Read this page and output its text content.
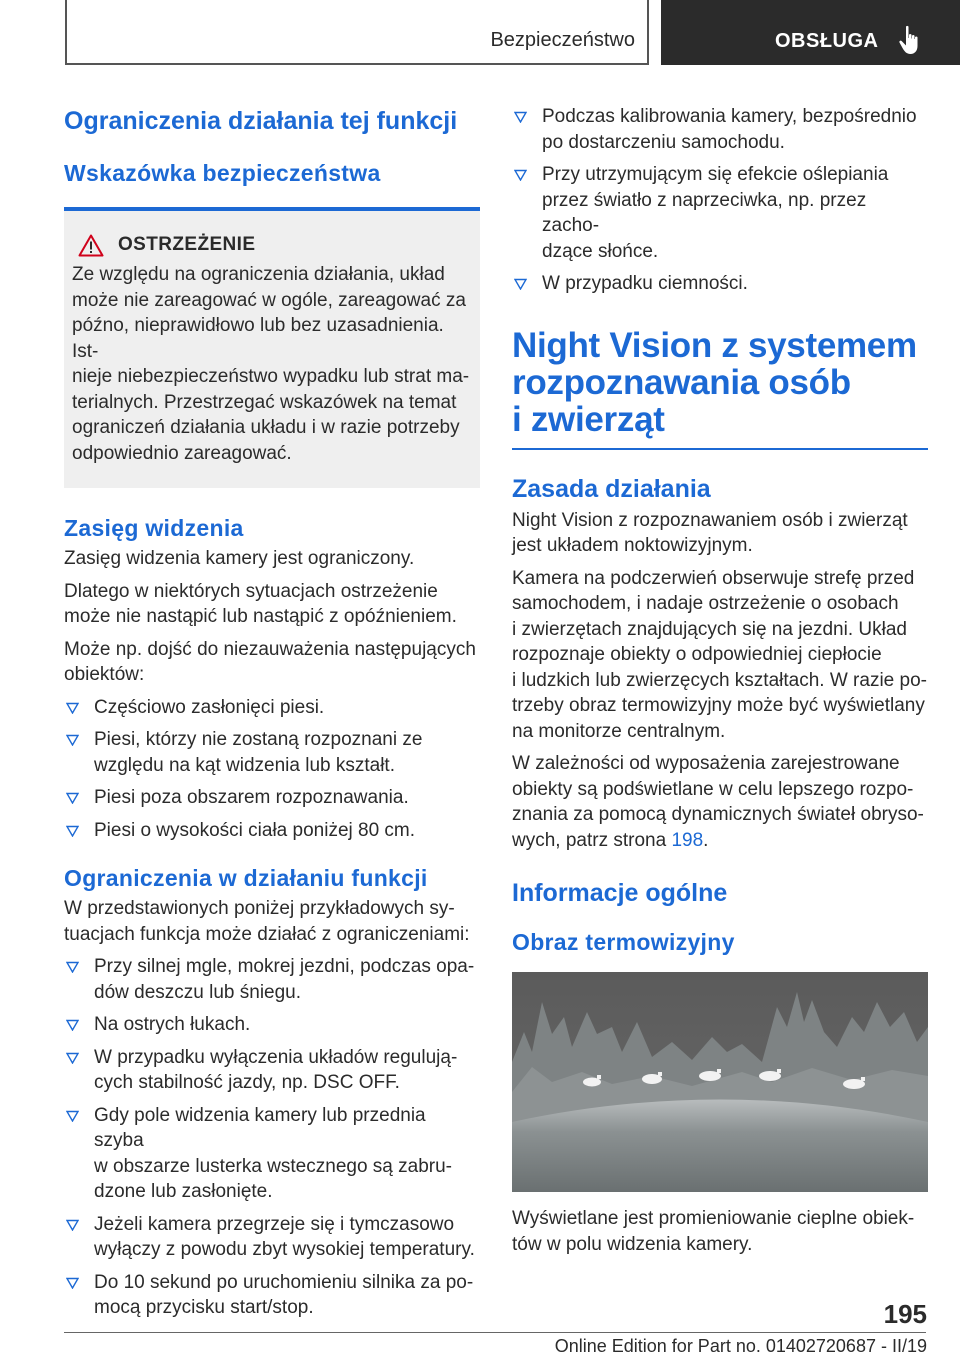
Bezpieczeństwo	OBSŁUGA
Ograniczenia działania tej funkcji
Wskazówka bezpieczeństwa
OSTRZEŻENIE

Ze względu na ograniczenia działania, układ
może nie zareagować w ogóle, zareagować za
późno, nieprawidłowo lub bez uzasadnienia. Ist-
nieje niebezpieczeństwo wypadku lub strat ma-
terialnych. Przestrzegać wskazówek na temat
ograniczeń działania układu i w razie potrzeby
odpowiednio zareagować.

Zasięg widzenia

Zasięg widzenia kamery jest ograniczony.

Dlatego w niektórych sytuacjach ostrzeżenie
może nie nastąpić lub nastąpić z opóźnieniem.

Może np. dojść do niezauważenia następujących
obiektów:

Częściowo zasłonięci piesi.
Piesi, którzy nie zostaną rozpoznani ze
względu na kąt widzenia lub kształt.
Piesi poza obszarem rozpoznawania.
Piesi o wysokości ciała poniżej 80 cm.
Ograniczenia w działaniu funkcji

W przedstawionych poniżej przykładowych sy-
tuacjach funkcja może działać z ograniczeniami:

Przy silnej mgle, mokrej jezdni, podczas opa-
dów deszczu lub śniegu.
Na ostrych łukach.
W przypadku wyłączenia układów regulują-
cych stabilność jazdy, np. DSC OFF.
Gdy pole widzenia kamery lub przednia szyba
w obszarze lusterka wstecznego są zabru-
dzone lub zasłonięte.
Jeżeli kamera przegrzeje się i tymczasowo
wyłączy z powodu zbyt wysokiej temperatury.
Do 10 sekund po uruchomieniu silnika za po-
mocą przycisku start/stop.
Podczas kalibrowania kamery, bezpośrednio
po dostarczeniu samochodu.
Przy utrzymującym się efekcie oślepiania
przez światło z naprzeciwka, np. przez zacho-
dzące słońce.
W przypadku ciemności.
Night Vision z systemem
rozpoznawania osób
i zwierząt
Zasada działania

Night Vision z rozpoznawaniem osób i zwierząt
jest układem noktowizyjnym.

Kamera na podczerwień obserwuje strefę przed
samochodem, i nadaje ostrzeżenie o osobach
i zwierzętach znajdujących się na jezdni. Układ
rozpoznaje obiekty o odpowiedniej ciepłocie
i ludzkich lub zwierzęcych kształtach. W razie po-
trzeby obraz termowizyjny może być wyświetlany
na monitorze centralnym.

W zależności od wyposażenia zarejestrowane
obiekty są podświetlane w celu lepszego rozpo-
znania za pomocą dynamicznych świateł obryso-
wych, patrz strona 198.

Informacje ogólne
Obraz termowizyjny

Wyświetlane jest promieniowanie cieplne obiek-
tów w polu widzenia kamery.

195
Online Edition for Part no. 01402720687 - II/19
